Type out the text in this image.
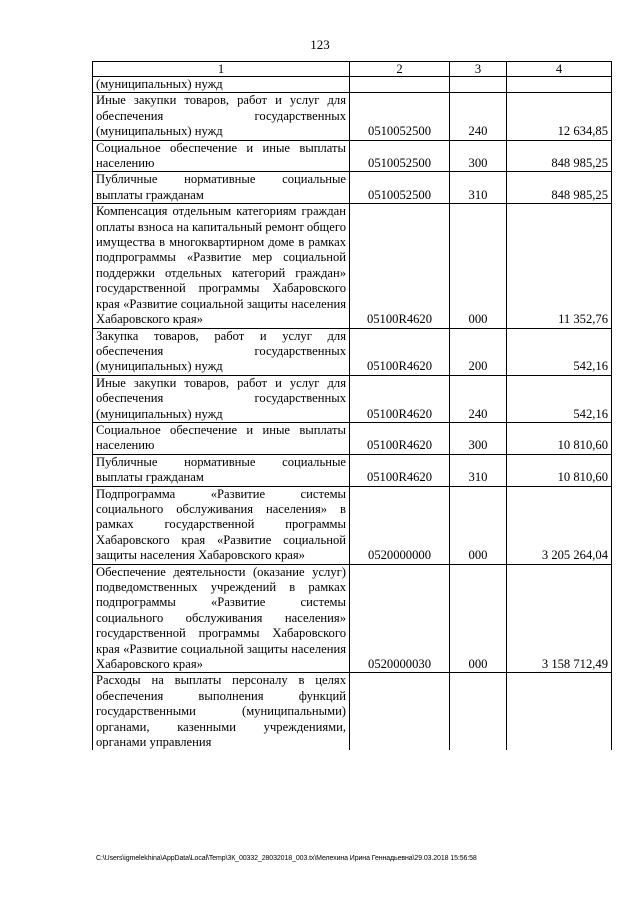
123
1	2	3	4
(муниципальных) нужд			
Иные закупки товаров, работ и услуг для обеспечения государственных (муниципальных) нужд	0510052500	240	12 634,85
Социальное обеспечение и иные выплаты населению	0510052500	300	848 985,25
Публичные нормативные социальные выплаты гражданам	0510052500	310	848 985,25
Компенсация отдельным категориям граждан оплаты взноса на капитальный ремонт общего имущества в многоквартирном доме в рамках подпрограммы «Развитие мер социальной поддержки отдельных категорий граждан» государственной программы Хабаровского края «Развитие социальной защиты населения Хабаровского края»	05100R4620	000	11 352,76
Закупка товаров, работ и услуг для обеспечения государственных (муниципальных) нужд	05100R4620	200	542,16
Иные закупки товаров, работ и услуг для обеспечения государственных (муниципальных) нужд	05100R4620	240	542,16
Социальное обеспечение и иные выплаты населению	05100R4620	300	10 810,60
Публичные нормативные социальные выплаты гражданам	05100R4620	310	10 810,60
Подпрограмма «Развитие системы социального обслуживания населения» в рамках государственной программы Хабаровского края «Развитие социальной защиты населения Хабаровского края»	0520000000	000	3 205 264,04
Обеспечение деятельности (оказание услуг) подведомственных учреждений в рамках подпрограммы «Развитие системы социального обслуживания населения» государственной программы Хабаровского края «Развитие социальной защиты населения Хабаровского края»	0520000030	000	3 158 712,49
Расходы на выплаты персоналу в целях обеспечения выполнения функций государственными (муниципальными) органами, казенными учреждениями, органами управления			
C:\Users\igmelekhina\AppData\Local\Temp\3К_00332_28032018_003.tx\Мелехина Ирина Геннадьевна\29.03.2018 15:56:58
